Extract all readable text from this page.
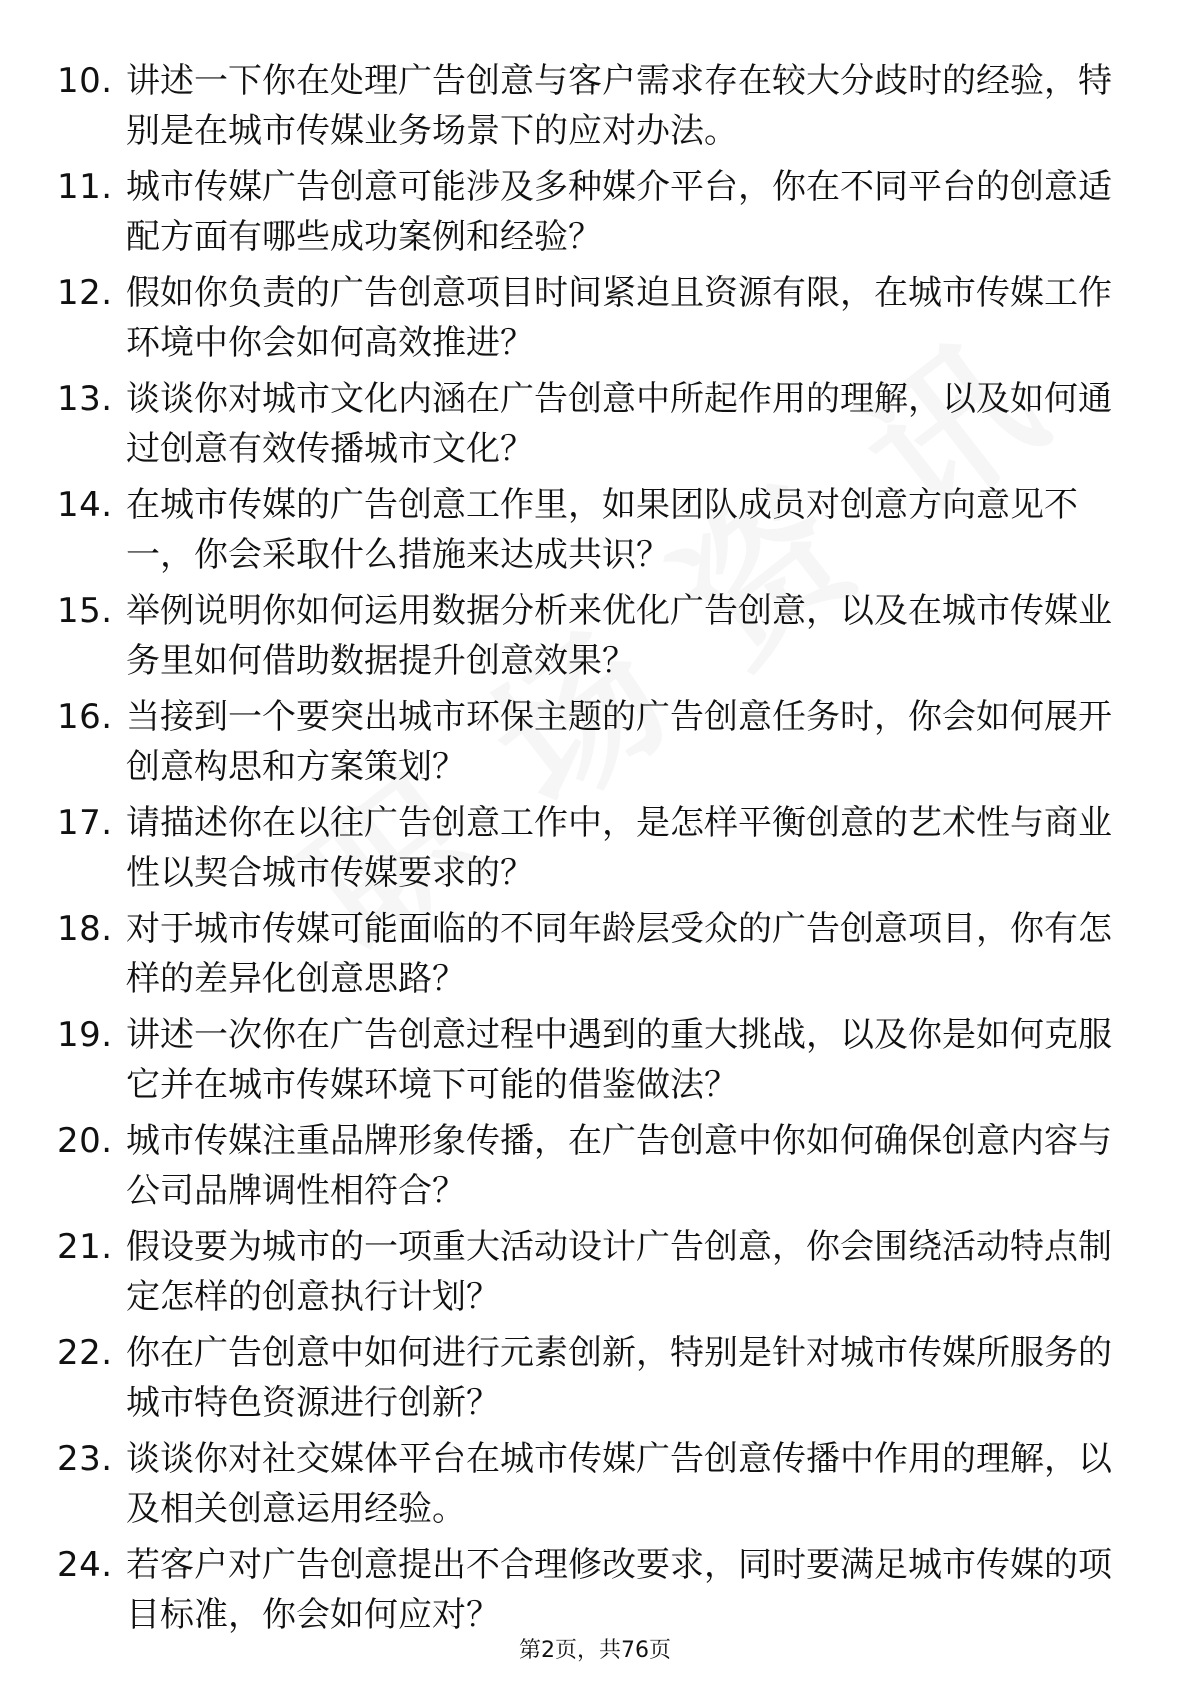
10. 讲述一下你在处理广告创意与客户需求存在较大分歧时的经验，特别是在城市传媒业务场景下的应对办法。
11. 城市传媒广告创意可能涉及多种媒介平台，你在不同平台的创意适配方面有哪些成功案例和经验？
12. 假如你负责的广告创意项目时间紧迫且资源有限，在城市传媒工作环境中你会如何高效推进？
13. 谈谈你对城市文化内涵在广告创意中所起作用的理解，以及如何通过创意有效传播城市文化？
14. 在城市传媒的广告创意工作里，如果团队成员对创意方向意见不一，你会采取什么措施来达成共识？
15. 举例说明你如何运用数据分析来优化广告创意，以及在城市传媒业务里如何借助数据提升创意效果？
16. 当接到一个要突出城市环保主题的广告创意任务时，你会如何展开创意构思和方案策划？
17. 请描述你在以往广告创意工作中，是怎样平衡创意的艺术性与商业性以契合城市传媒要求的？
18. 对于城市传媒可能面临的不同年龄层受众的广告创意项目，你有怎样的差异化创意思路？
19. 讲述一次你在广告创意过程中遇到的重大挑战，以及你是如何克服它并在城市传媒环境下可能的借鉴做法？
20. 城市传媒注重品牌形象传播，在广告创意中你如何确保创意内容与公司品牌调性相符合？
21. 假设要为城市的一项重大活动设计广告创意，你会围绕活动特点制定怎样的创意执行计划？
22. 你在广告创意中如何进行元素创新，特别是针对城市传媒所服务的城市特色资源进行创新？
23. 谈谈你对社交媒体平台在城市传媒广告创意传播中作用的理解，以及相关创意运用经验。
24. 若客户对广告创意提出不合理修改要求，同时要满足城市传媒的项目标准，你会如何应对？
第2页，共76页
